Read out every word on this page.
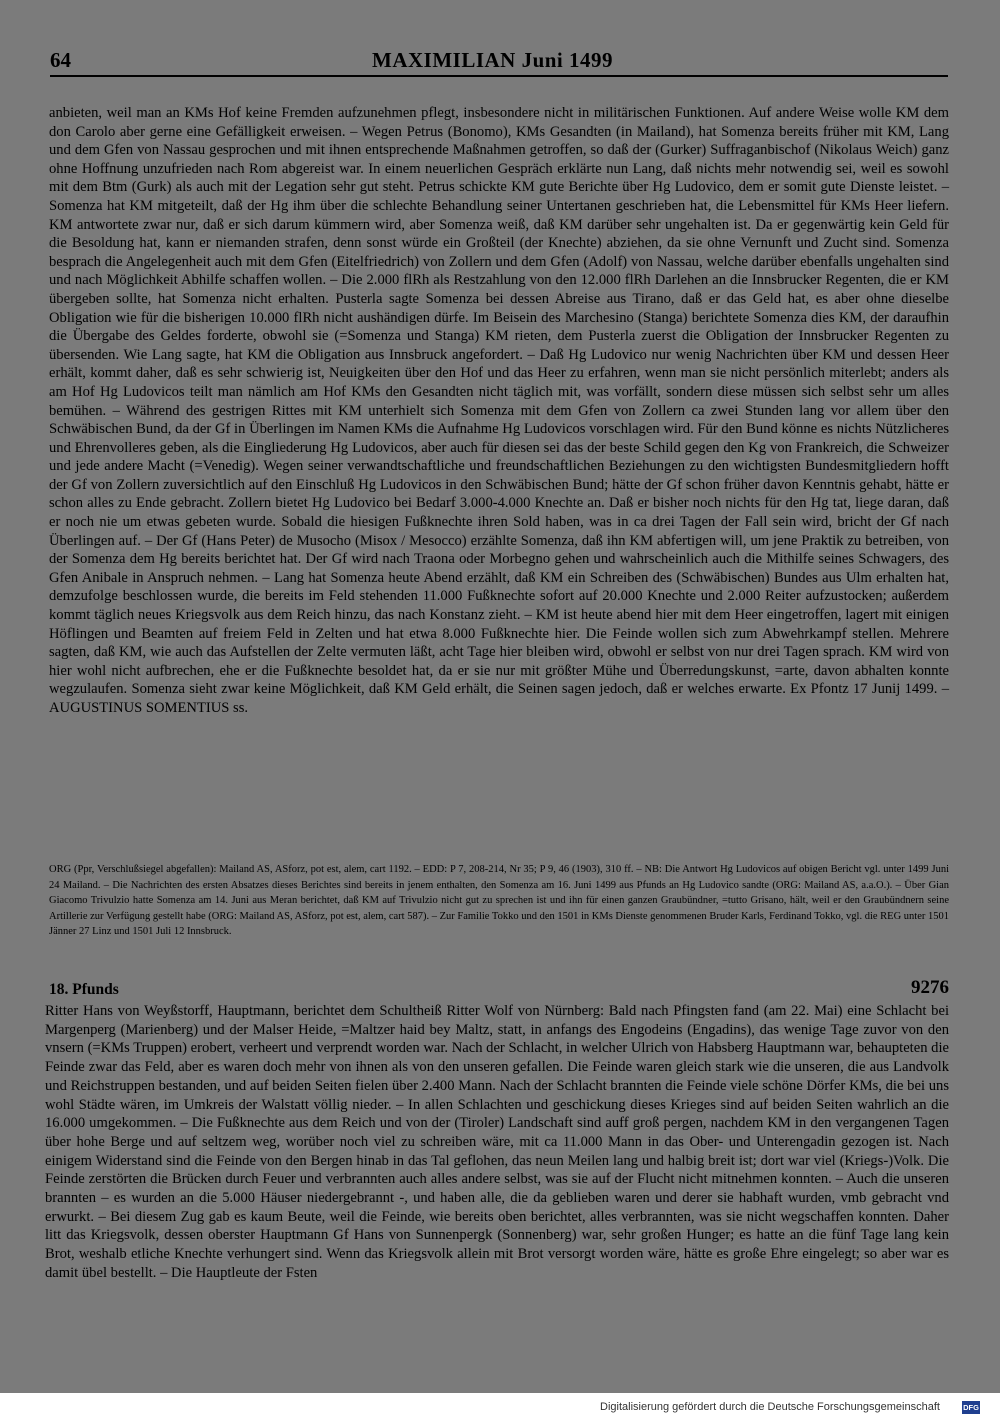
64	MAXIMILIAN Juni 1499

anbieten, weil man an KMs Hof keine Fremden aufzunehmen pflegt, insbesondere nicht in militärischen Funktionen. Auf andere Weise wolle KM dem don Carolo aber gerne eine Gefälligkeit erweisen. – Wegen Petrus (Bonomo), KMs Gesandten (in Mailand), hat Somenza bereits früher mit KM, Lang und dem Gfen von Nassau gesprochen und mit ihnen entsprechende Maßnahmen getroffen, so daß der (Gurker) Suffraganbischof (Nikolaus Weich) ganz ohne Hoffnung unzufrieden nach Rom abgereist war. In einem neuerlichen Gespräch erklärte nun Lang, daß nichts mehr notwendig sei, weil es sowohl mit dem Btm (Gurk) als auch mit der Legation sehr gut steht. Petrus schickte KM gute Berichte über Hg Ludovico, dem er somit gute Dienste leistet. – Somenza hat KM mitgeteilt, daß der Hg ihm über die schlechte Behandlung seiner Untertanen geschrieben hat, die Lebensmittel für KMs Heer liefern. KM antwortete zwar nur, daß er sich darum kümmern wird, aber Somenza weiß, daß KM darüber sehr ungehalten ist. Da er gegenwärtig kein Geld für die Besoldung hat, kann er niemanden strafen, denn sonst würde ein Großteil (der Knechte) abziehen, da sie ohne Vernunft und Zucht sind. Somenza besprach die Angelegenheit auch mit dem Gfen (Eitelfriedrich) von Zollern und dem Gfen (Adolf) von Nassau, welche darüber ebenfalls ungehalten sind und nach Möglichkeit Abhilfe schaffen wollen. – Die 2.000 flRh als Restzahlung von den 12.000 flRh Darlehen an die Innsbrucker Regenten, die er KM übergeben sollte, hat Somenza nicht erhalten. Pusterla sagte Somenza bei dessen Abreise aus Tirano, daß er das Geld hat, es aber ohne dieselbe Obligation wie für die bisherigen 10.000 flRh nicht aushändigen dürfe. Im Beisein des Marchesino (Stanga) berichtete Somenza dies KM, der daraufhin die Übergabe des Geldes forderte, obwohl sie (=Somenza und Stanga) KM rieten, dem Pusterla zuerst die Obligation der Innsbrucker Regenten zu übersenden. Wie Lang sagte, hat KM die Obligation aus Innsbruck angefordert. – Daß Hg Ludovico nur wenig Nachrichten über KM und dessen Heer erhält, kommt daher, daß es sehr schwierig ist, Neuigkeiten über den Hof und das Heer zu erfahren, wenn man sie nicht persönlich miterlebt; anders als am Hof Hg Ludovicos teilt man nämlich am Hof KMs den Gesandten nicht täglich mit, was vorfällt, sondern diese müssen sich selbst sehr um alles bemühen. – Während des gestrigen Rittes mit KM unterhielt sich Somenza mit dem Gfen von Zollern ca zwei Stunden lang vor allem über den Schwäbischen Bund, da der Gf in Überlingen im Namen KMs die Aufnahme Hg Ludovicos vorschlagen wird. Für den Bund könne es nichts Nützlicheres und Ehrenvolleres geben, als die Eingliederung Hg Ludovicos, aber auch für diesen sei das der beste Schild gegen den Kg von Frankreich, die Schweizer und jede andere Macht (=Venedig). Wegen seiner verwandtschaftliche und freundschaftlichen Beziehungen zu den wichtigsten Bundesmitgliedern hofft der Gf von Zollern zuversichtlich auf den Einschluß Hg Ludovicos in den Schwäbischen Bund; hätte der Gf schon früher davon Kenntnis gehabt, hätte er schon alles zu Ende gebracht. Zollern bietet Hg Ludovico bei Bedarf 3.000-4.000 Knechte an. Daß er bisher noch nichts für den Hg tat, liege daran, daß er noch nie um etwas gebeten wurde. Sobald die hiesigen Fußknechte ihren Sold haben, was in ca drei Tagen der Fall sein wird, bricht der Gf nach Überlingen auf. – Der Gf (Hans Peter) de Musocho (Misox / Mesocco) erzählte Somenza, daß ihn KM abfertigen will, um jene Praktik zu betreiben, von der Somenza dem Hg bereits berichtet hat. Der Gf wird nach Traona oder Morbegno gehen und wahrscheinlich auch die Mithilfe seines Schwagers, des Gfen Anibale in Anspruch nehmen. – Lang hat Somenza heute Abend erzählt, daß KM ein Schreiben des (Schwäbischen) Bundes aus Ulm erhalten hat, demzufolge beschlossen wurde, die bereits im Feld stehenden 11.000 Fußknechte sofort auf 20.000 Knechte und 2.000 Reiter aufzustocken; außerdem kommt täglich neues Kriegsvolk aus dem Reich hinzu, das nach Konstanz zieht. – KM ist heute abend hier mit dem Heer eingetroffen, lagert mit einigen Höflingen und Beamten auf freiem Feld in Zelten und hat etwa 8.000 Fußknechte hier. Die Feinde wollen sich zum Abwehrkampf stellen. Mehrere sagten, daß KM, wie auch das Aufstellen der Zelte vermuten läßt, acht Tage hier bleiben wird, obwohl er selbst von nur drei Tagen sprach. KM wird von hier wohl nicht aufbrechen, ehe er die Fußknechte besoldet hat, da er sie nur mit größter Mühe und Überredungskunst, =arte, davon abhalten konnte wegzulaufen. Somenza sieht zwar keine Möglichkeit, daß KM Geld erhält, die Seinen sagen jedoch, daß er welches erwarte. Ex Pfontz 17 Junij 1499. – AUGUSTINUS SOMENTIUS ss.

ORG (Ppr, Verschlußsiegel abgefallen): Mailand AS, ASforz, pot est, alem, cart 1192. – EDD: P 7, 208-214, Nr 35; P 9, 46 (1903), 310 ff. – NB: Die Antwort Hg Ludovicos auf obigen Bericht vgl. unter 1499 Juni 24 Mailand. – Die Nachrichten des ersten Absatzes dieses Berichtes sind bereits in jenem enthalten, den Somenza am 16. Juni 1499 aus Pfunds an Hg Ludovico sandte (ORG: Mailand AS, a.a.O.). – Über Gian Giacomo Trivulzio hatte Somenza am 14. Juni aus Meran berichtet, daß KM auf Trivulzio nicht gut zu sprechen ist und ihn für einen ganzen Graubündner, =tutto Grisano, hält, weil er den Graubündnern seine Artillerie zur Verfügung gestellt habe (ORG: Mailand AS, ASforz, pot est, alem, cart 587). – Zur Familie Tokko und den 1501 in KMs Dienste genommenen Bruder Karls, Ferdinand Tokko, vgl. die REG unter 1501 Jänner 27 Linz und 1501 Juli 12 Innsbruck.

18. Pfunds	9276

Ritter Hans von Weyßstorff, Hauptmann, berichtet dem Schultheiß Ritter Wolf von Nürnberg: Bald nach Pfingsten fand (am 22. Mai) eine Schlacht bei Margenperg (Marienberg) und der Malser Heide, =Maltzer haid bey Maltz, statt, in anfangs des Engodeins (Engadins), das wenige Tage zuvor von den vnsern (=KMs Truppen) erobert, verheert und verprendt worden war. Nach der Schlacht, in welcher Ulrich von Habsberg Hauptmann war, behaupteten die Feinde zwar das Feld, aber es waren doch mehr von ihnen als von den unseren gefallen. Die Feinde waren gleich stark wie die unseren, die aus Landvolk und Reichstruppen bestanden, und auf beiden Seiten fielen über 2.400 Mann. Nach der Schlacht brannten die Feinde viele schöne Dörfer KMs, die bei uns wohl Städte wären, im Umkreis der Walstatt völlig nieder. – In allen Schlachten und geschickung dieses Krieges sind auf beiden Seiten wahrlich an die 16.000 umgekommen. – Die Fußknechte aus dem Reich und von der (Tiroler) Landschaft sind auff groß pergen, nachdem KM in den vergangenen Tagen über hohe Berge und auf seltzem weg, worüber noch viel zu schreiben wäre, mit ca 11.000 Mann in das Ober- und Unterengadin gezogen ist. Nach einigem Widerstand sind die Feinde von den Bergen hinab in das Tal geflohen, das neun Meilen lang und halbig breit ist; dort war viel (Kriegs-)Volk. Die Feinde zerstörten die Brücken durch Feuer und verbrannten auch alles andere selbst, was sie auf der Flucht nicht mitnehmen konnten. – Auch die unseren brannten – es wurden an die 5.000 Häuser niedergebrannt -, und haben alle, die da geblieben waren und derer sie habhaft wurden, vmb gebracht vnd erwurkt. – Bei diesem Zug gab es kaum Beute, weil die Feinde, wie bereits oben berichtet, alles verbrannten, was sie nicht wegschaffen konnten. Daher litt das Kriegsvolk, dessen oberster Hauptmann Gf Hans von Sunnenpergk (Sonnenberg) war, sehr großen Hunger; es hatte an die fünf Tage lang kein Brot, weshalb etliche Knechte verhungert sind. Wenn das Kriegsvolk allein mit Brot versorgt worden wäre, hätte es große Ehre eingelegt; so aber war es damit übel bestellt. – Die Hauptleute der Fsten

Digitalisierung gefördert durch die Deutsche Forschungsgemeinschaft	DFG
